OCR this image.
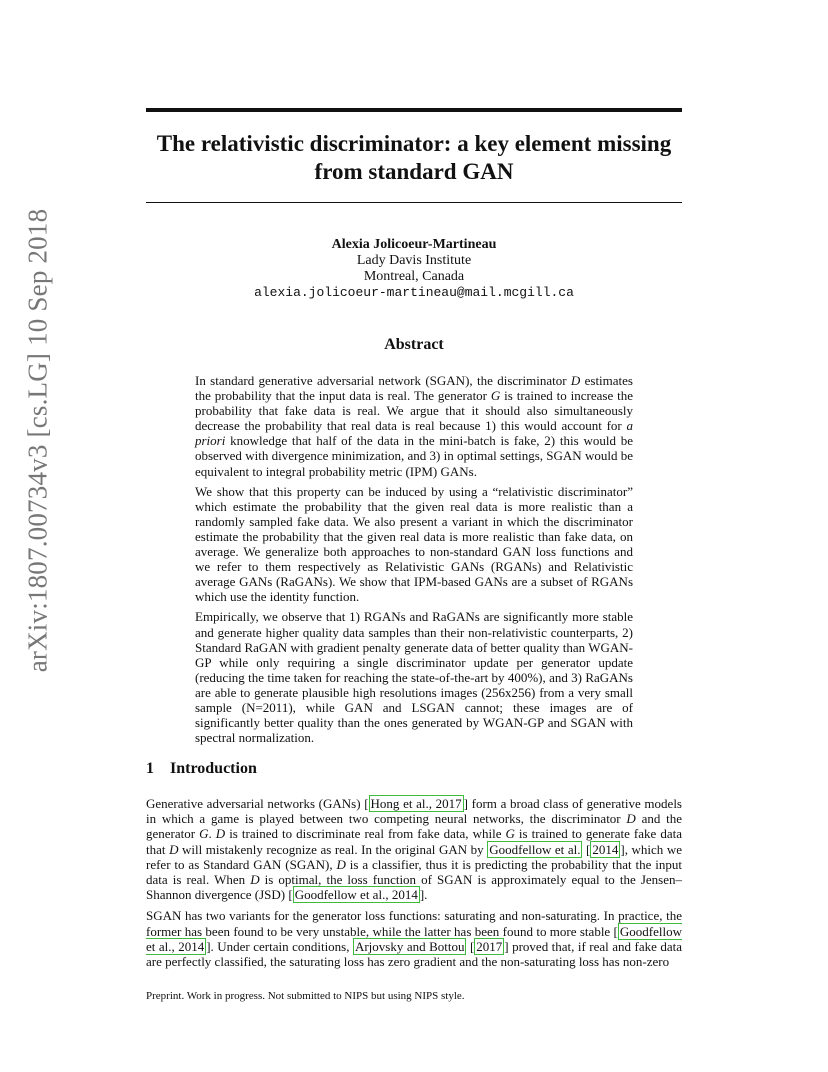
arXiv:1807.00734v3 [cs.LG] 10 Sep 2018
The relativistic discriminator: a key element missing
from standard GAN
Alexia Jolicoeur-Martineau
Lady Davis Institute
Montreal, Canada
alexia.jolicoeur-martineau@mail.mcgill.ca
Abstract

In standard generative adversarial network (SGAN), the discriminator D estimates the probability that the input data is real. The generator G is trained to increase the probability that fake data is real. We argue that it should also simultaneously decrease the probability that real data is real because 1) this would account for a priori knowledge that half of the data in the mini-batch is fake, 2) this would be observed with divergence minimization, and 3) in optimal settings, SGAN would be equivalent to integral probability metric (IPM) GANs.

We show that this property can be induced by using a “relativistic discriminator” which estimate the probability that the given real data is more realistic than a randomly sampled fake data. We also present a variant in which the discriminator estimate the probability that the given real data is more realistic than fake data, on average. We generalize both approaches to non-standard GAN loss functions and we refer to them respectively as Relativistic GANs (RGANs) and Relativistic average GANs (RaGANs). We show that IPM-based GANs are a subset of RGANs which use the identity function.

Empirically, we observe that 1) RGANs and RaGANs are significantly more stable and generate higher quality data samples than their non-relativistic counterparts, 2) Standard RaGAN with gradient penalty generate data of better quality than WGAN-GP while only requiring a single discriminator update per generator update (reducing the time taken for reaching the state-of-the-art by 400%), and 3) RaGANs are able to generate plausible high resolutions images (256x256) from a very small sample (N=2011), while GAN and LSGAN cannot; these images are of significantly better quality than the ones generated by WGAN-GP and SGAN with spectral normalization.

1 Introduction

Generative adversarial networks (GANs) [ Hong et al., 2017 ] form a broad class of generative models in which a game is played between two competing neural networks, the discriminator D and the generator G. D is trained to discriminate real from fake data, while G is trained to generate fake data that D will mistakenly recognize as real. In the original GAN by Goodfellow et al. [ 2014 ], which we refer to as Standard GAN (SGAN), D is a classifier, thus it is predicting the probability that the input data is real. When D is optimal, the loss function of SGAN is approximately equal to the Jensen–Shannon divergence (JSD) [ Goodfellow et al., 2014 ].

SGAN has two variants for the generator loss functions: saturating and non-saturating. In practice, the former has been found to be very unstable, while the latter has been found to more stable [ Goodfellow et al., 2014 ]. Under certain conditions, Arjovsky and Bottou [ 2017 ] proved that, if real and fake data are perfectly classified, the saturating loss has zero gradient and the non-saturating loss has non-zero

Preprint. Work in progress. Not submitted to NIPS but using NIPS style.
